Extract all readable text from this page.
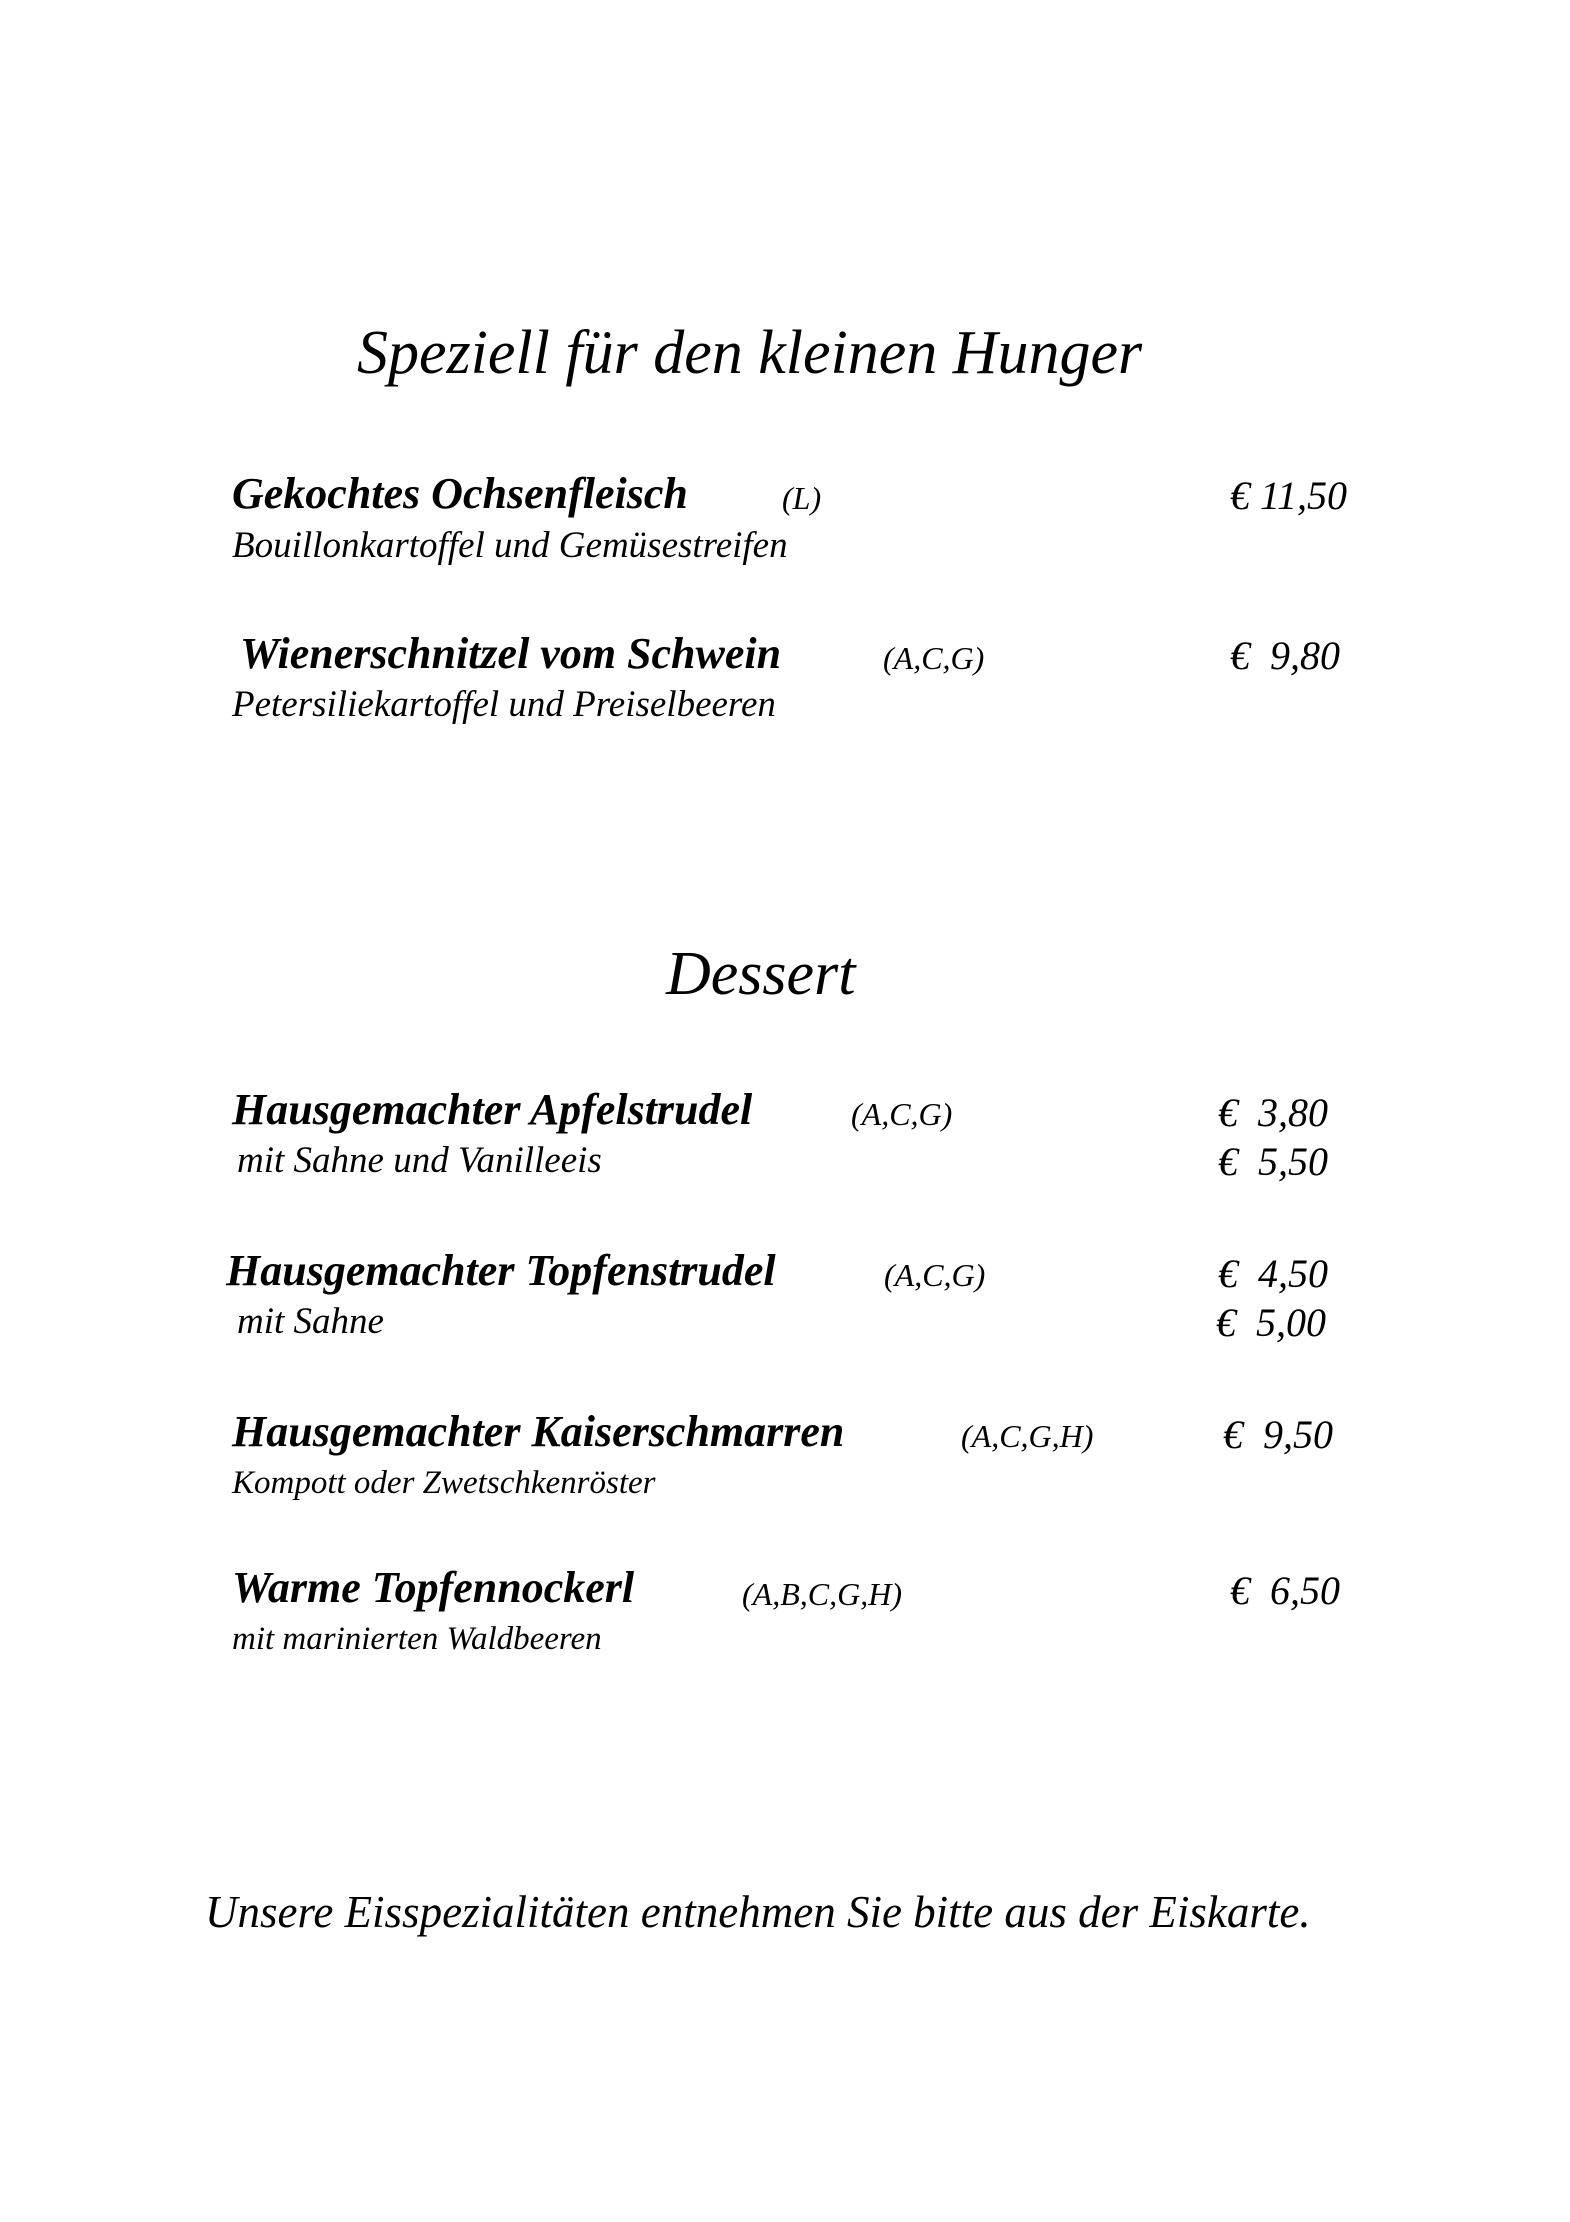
Speziell für den kleinen Hunger
Gekochtes Ochsenfleisch	(L)	€ 11,50
Bouillonkartoffel und Gemüsestreifen
Wienerschnitzel vom Schwein	(A,C,G)	€  9,80
Petersiliekartoffel und Preiselbeeren
Dessert
Hausgemachter Apfelstrudel	(A,C,G)	€  3,80
mit Sahne und Vanilleeis	€  5,50
Hausgemachter Topfenstrudel	(A,C,G)	€  4,50
mit Sahne	€  5,00
Hausgemachter Kaiserschmarren	(A,C,G,H)	€  9,50
Kompott oder Zwetschkenröster
Warme Topfennockerl	(A,B,C,G,H)	€  6,50
mit marinierten Waldbeeren
Unsere Eisspezialitäten entnehmen Sie bitte aus der Eiskarte.
